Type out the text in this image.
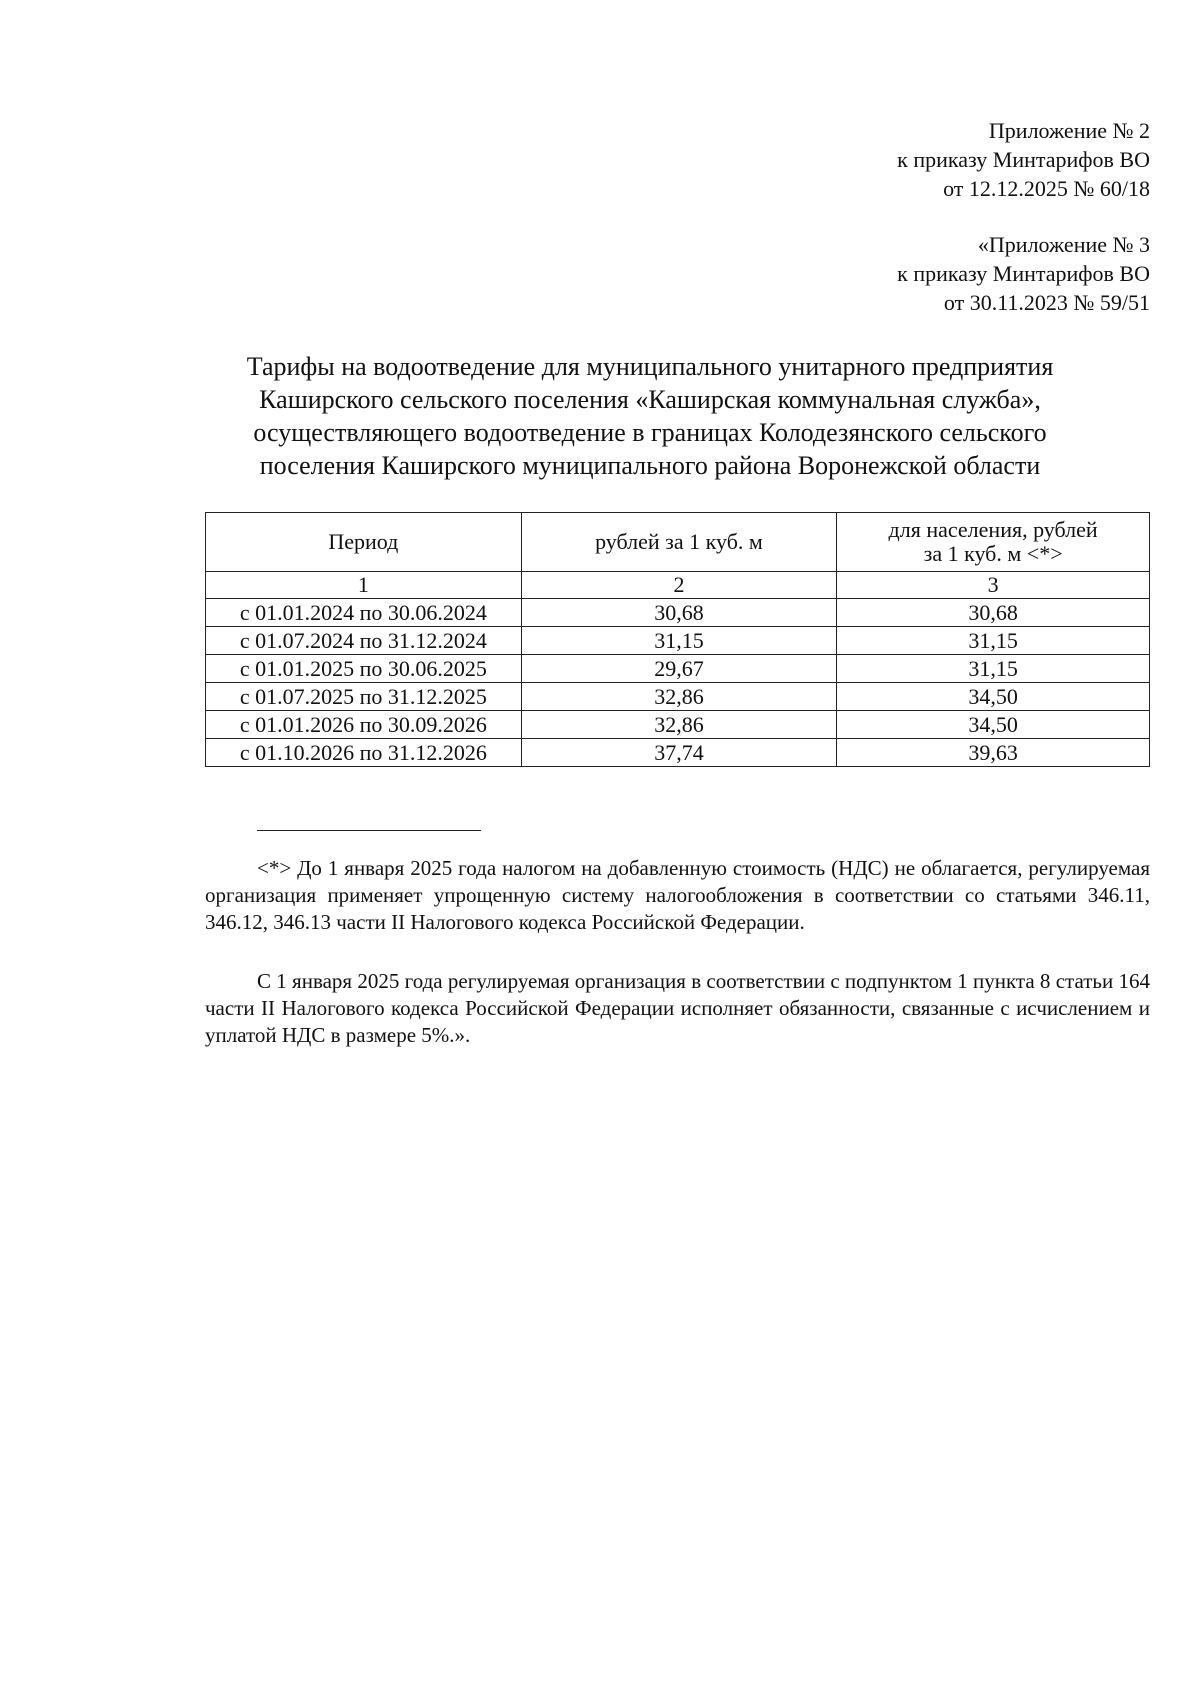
Приложение № 2
к приказу Минтарифов ВО
от 12.12.2025 № 60/18
«Приложение № 3
к приказу Минтарифов ВО
от 30.11.2023 № 59/51
Тарифы на водоотведение для муниципального унитарного предприятия
Каширского сельского поселения «Каширская коммунальная служба»,
осуществляющего водоотведение в границах Колодезянского сельского
поселения Каширского муниципального района Воронежской области
Период	рублей за 1 куб. м	для населения, рублей
за 1 куб. м <*>

1	2	3
с 01.01.2024 по 30.06.2024	30,68	30,68
с 01.07.2024 по 31.12.2024	31,15	31,15
с 01.01.2025 по 30.06.2025	29,67	31,15
с 01.07.2025 по 31.12.2025	32,86	34,50
с 01.01.2026 по 30.09.2026	32,86	34,50
с 01.10.2026 по 31.12.2026	37,74	39,63

<*> До 1 января 2025 года налогом на добавленную стоимость (НДС) не облагается, регулируемая организация применяет упрощенную систему налогообложения в соответствии со статьями 346.11, 346.12, 346.13 части II Налогового кодекса Российской Федерации.

С 1 января 2025 года регулируемая организация в соответствии с подпунктом 1 пункта 8 статьи 164 части II Налогового кодекса Российской Федерации исполняет обязанности, связанные с исчислением и уплатой НДС в размере 5%.».
